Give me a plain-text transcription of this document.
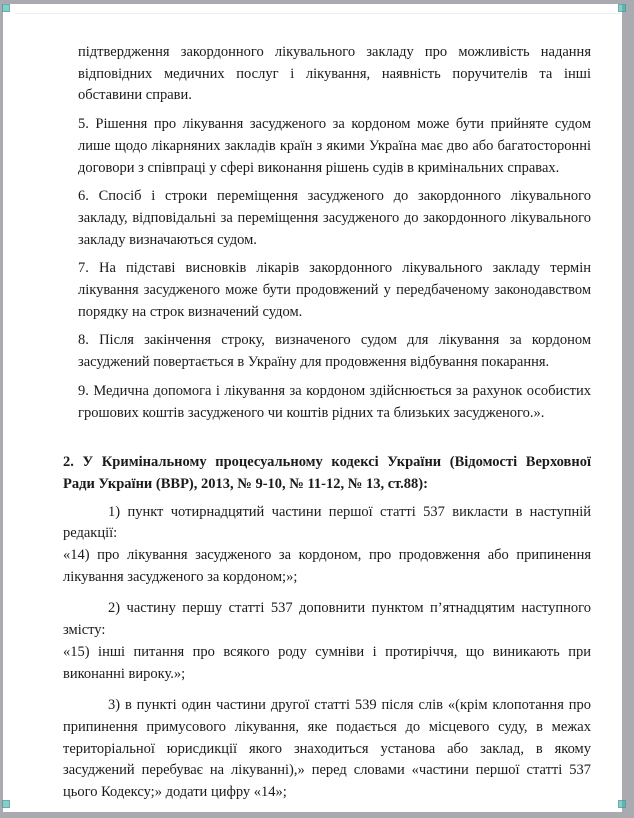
підтвердження закордонного лікувального закладу про можливість надання відповідних медичних послуг і лікування, наявність поручителів та інші обставини справи.

5. Рішення про лікування засудженого за кордоном може бути прийняте судом лише щодо лікарняних закладів країн з якими Україна має дво або багатосторонні договори з співпраці у сфері виконання рішень судів в кримінальних справах.

6. Спосіб і строки переміщення засудженого до закордонного лікувального закладу, відповідальні за переміщення засудженого до закордонного лікувального закладу визначаються судом.

7. На підставі висновків лікарів закордонного лікувального закладу термін лікування засудженого може бути продовжений у передбаченому законодавством порядку на строк визначений судом.

8. Після закінчення строку, визначеного судом для лікування за кордоном засуджений повертається в Україну для продовження відбування покарання.

9. Медична допомога і лікування за кордоном здійснюється за рахунок особистих грошових коштів засудженого чи коштів рідних та близьких засудженого.».

2. У Кримінальному процесуальному кодексі України (Відомості Верховної Ради України (ВВР), 2013, № 9-10, № 11-12, № 13, ст.88):

1) пункт чотирнадцятий частини першої статті 537 викласти в наступній редакції:

«14) про лікування засудженого за кордоном, про продовження або припинення лікування засудженого за кордоном;»;

2) частину першу статті 537 доповнити пунктом п’ятнадцятим наступного змісту:

«15) інші питання про всякого роду сумніви і протиріччя, що виникають при виконанні вироку.»;

3) в пункті один частини другої статті 539 після слів «(крім клопотання про припинення примусового лікування, яке подається до місцевого суду, в межах територіальної юрисдикції якого знаходиться установа або заклад, в якому засуджений перебуває на лікуванні),» перед словами «частини першої статті 537 цього Кодексу;» додати цифру «14»;
